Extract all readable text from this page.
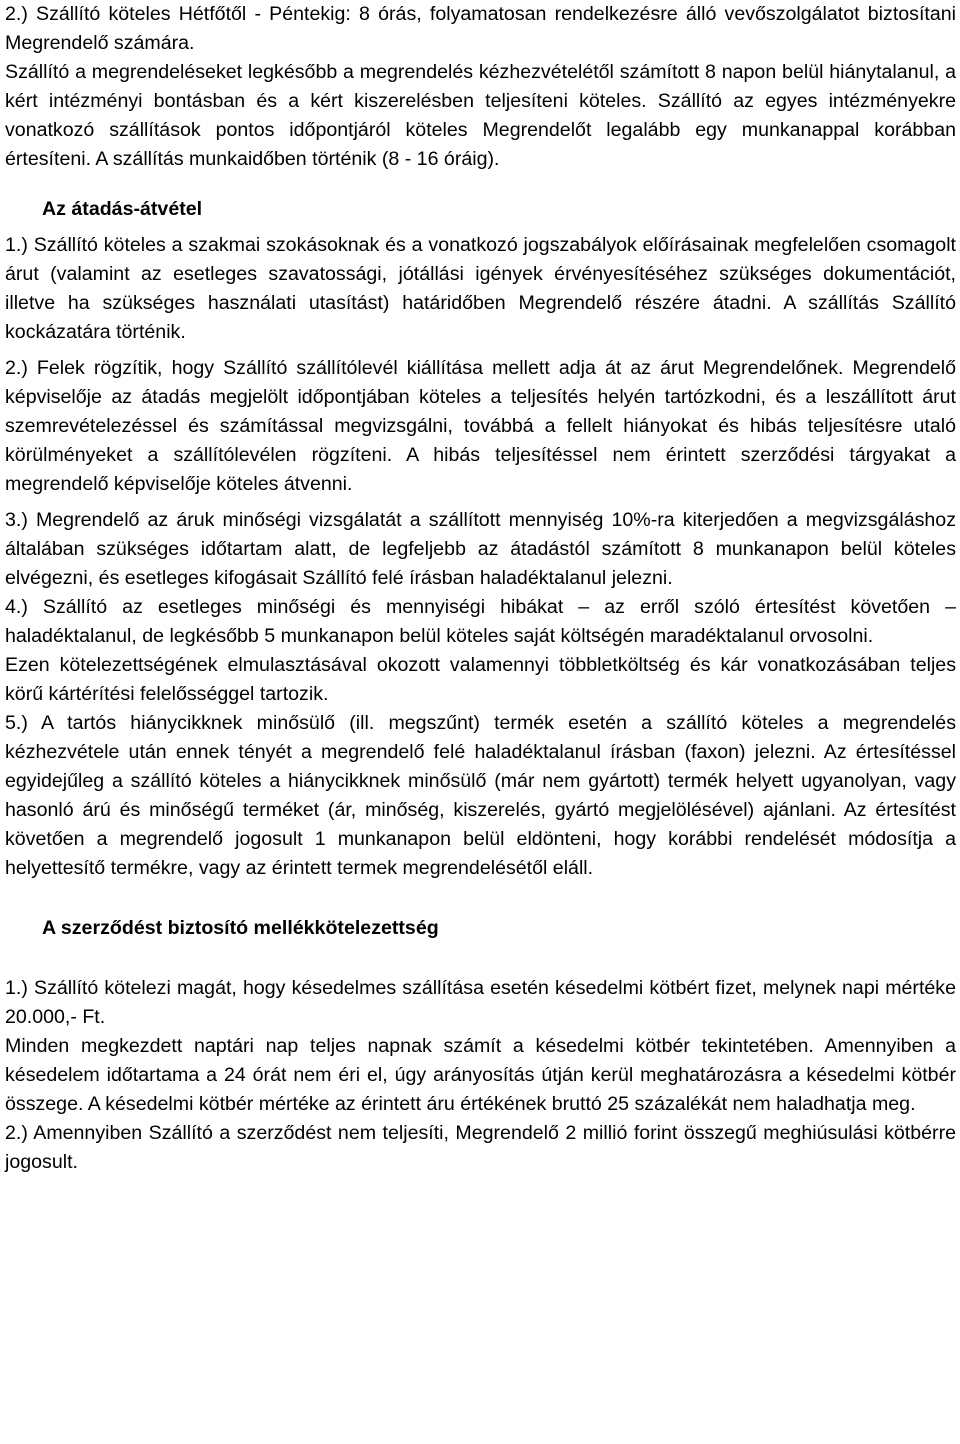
2.) Szállító köteles Hétfőtől - Péntekig: 8 órás, folyamatosan rendelkezésre álló vevőszolgálatot biztosítani Megrendelő számára.

Szállító a megrendeléseket legkésőbb a megrendelés kézhezvételétől számított 8 napon belül hiánytalanul, a kért intézményi bontásban és a kért kiszerelésben teljesíteni köteles. Szállító az egyes intézményekre vonatkozó szállítások pontos időpontjáról köteles Megrendelőt legalább egy munkanappal korábban értesíteni. A szállítás munkaidőben történik (8 - 16 óráig).

Az átadás-átvétel

1.) Szállító köteles a szakmai szokásoknak és a vonatkozó jogszabályok előírásainak megfelelően csomagolt árut (valamint az esetleges szavatossági, jótállási igények érvényesítéséhez szükséges dokumentációt, illetve ha szükséges használati utasítást) határidőben Megrendelő részére átadni. A szállítás Szállító kockázatára történik.

2.) Felek rögzítik, hogy Szállító szállítólevél kiállítása mellett adja át az árut Megrendelőnek. Megrendelő képviselője az átadás megjelölt időpontjában köteles a teljesítés helyén tartózkodni, és a leszállított árut szemrevételezéssel és számítással megvizsgálni, továbbá a fellelt hiányokat és hibás teljesítésre utaló körülményeket a szállítólevélen rögzíteni. A hibás teljesítéssel nem érintett szerződési tárgyakat a megrendelő képviselője köteles átvenni.

3.) Megrendelő az áruk minőségi vizsgálatát a szállított mennyiség 10%-ra kiterjedően a megvizsgáláshoz általában szükséges időtartam alatt, de legfeljebb az átadástól számított 8 munkanapon belül köteles elvégezni, és esetleges kifogásait Szállító felé írásban haladéktalanul jelezni.

4.) Szállító az esetleges minőségi és mennyiségi hibákat – az erről szóló értesítést követően – haladéktalanul, de legkésőbb 5 munkanapon belül köteles saját költségén maradéktalanul orvosolni.

Ezen kötelezettségének elmulasztásával okozott valamennyi többletköltség és kár vonatkozásában teljes körű kártérítési felelősséggel tartozik.

5.) A tartós hiánycikknek minősülő (ill. megszűnt) termék esetén a szállító köteles a megrendelés kézhezvétele után ennek tényét a megrendelő felé haladéktalanul írásban (faxon) jelezni. Az értesítéssel egyidejűleg a szállító köteles a hiánycikknek minősülő (már nem gyártott) termék helyett ugyanolyan, vagy hasonló árú és minőségű terméket (ár, minőség, kiszerelés, gyártó megjelölésével) ajánlani. Az értesítést követően a megrendelő jogosult 1 munkanapon belül eldönteni, hogy korábbi rendelését módosítja a helyettesítő termékre, vagy az érintett termek megrendelésétől eláll.

A szerződést biztosító mellékkötelezettség

1.) Szállító kötelezi magát, hogy késedelmes szállítása esetén késedelmi kötbért fizet, melynek napi mértéke 20.000,- Ft.

Minden megkezdett naptári nap teljes napnak számít a késedelmi kötbér tekintetében. Amennyiben a késedelem időtartama a 24 órát nem éri el, úgy arányosítás útján kerül meghatározásra a késedelmi kötbér összege. A késedelmi kötbér mértéke az érintett áru értékének bruttó 25 százalékát nem haladhatja meg.

2.) Amennyiben Szállító a szerződést nem teljesíti, Megrendelő 2 millió forint összegű meghiúsulási kötbérre jogosult.
